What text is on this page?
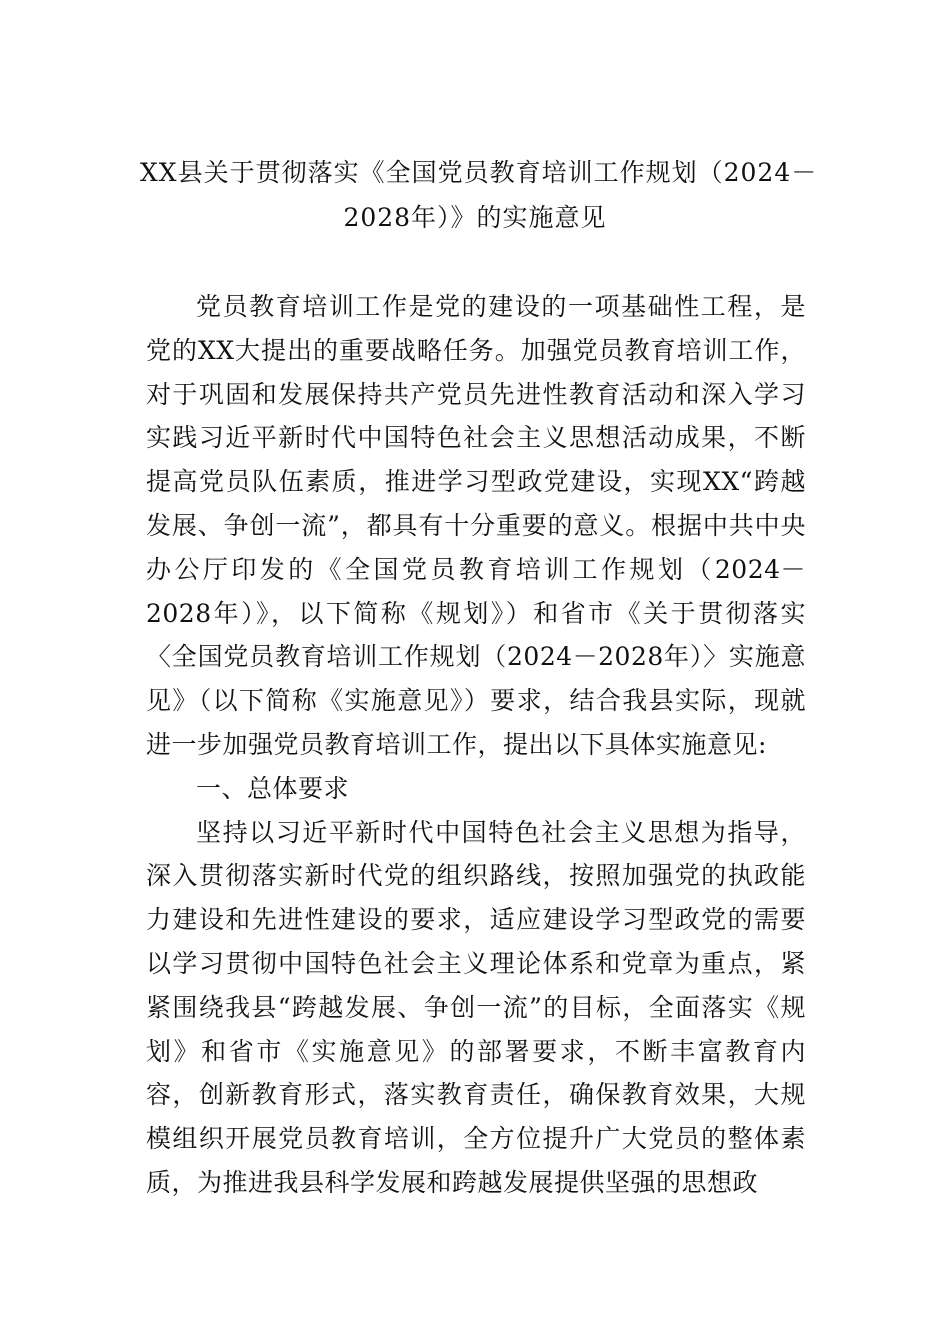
XX县关于贯彻落实《全国党员教育培训工作规划（2024－
2028年）》的实施意见

党员教育培训工作是党的建设的一项基础性工程，是党的XX大提出的重要战略任务。加强党员教育培训工作，对于巩固和发展保持共产党员先进性教育活动和深入学习实践习近平新时代中国特色社会主义思想活动成果，不断提高党员队伍素质，推进学习型政党建设，实现XX“跨越发展、争创一流”，都具有十分重要的意义。根据中共中央办公厅印发的《全国党员教育培训工作规划（2024－2028年）》，以下简称《规划》）和省市《关于贯彻落实〈全国党员教育培训工作规划（2024－2028年）〉实施意见》（以下简称《实施意见》）要求，结合我县实际，现就进一步加强党员教育培训工作，提出以下具体实施意见:

一、总体要求

坚持以习近平新时代中国特色社会主义思想为指导，深入贯彻落实新时代党的组织路线，按照加强党的执政能力建设和先进性建设的要求，适应建设学习型政党的需要以学习贯彻中国特色社会主义理论体系和党章为重点，紧紧围绕我县“跨越发展、争创一流”的目标，全面落实《规划》和省市《实施意见》的部署要求，不断丰富教育内容，创新教育形式，落实教育责任，确保教育效果，大规模组织开展党员教育培训，全方位提升广大党员的整体素质，为推进我县科学发展和跨越发展提供坚强的思想政
